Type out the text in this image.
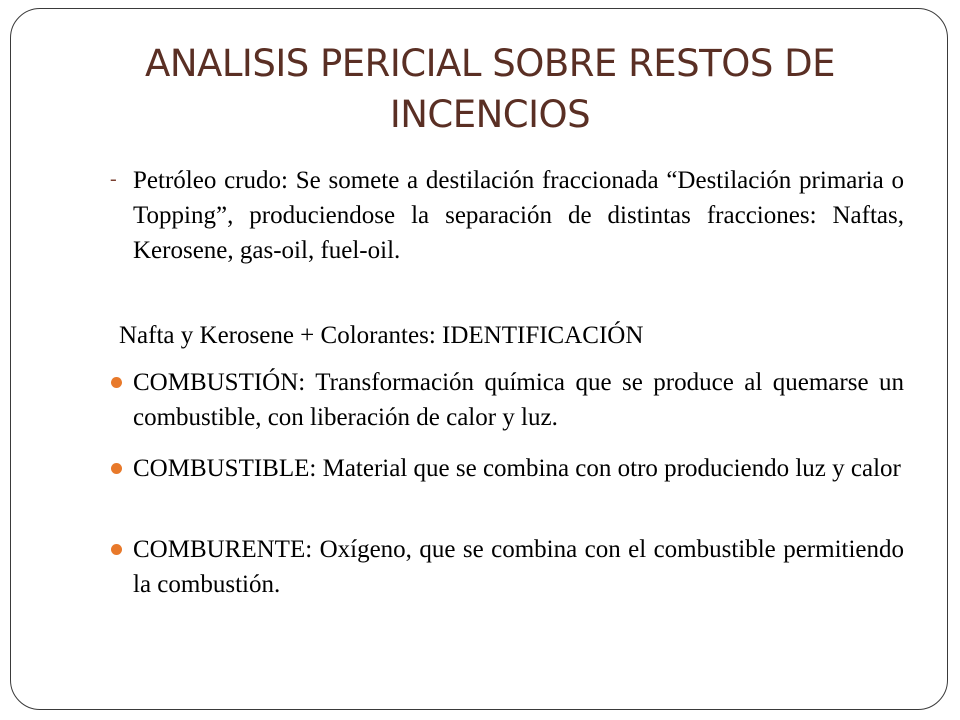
ANALISIS PERICIAL SOBRE RESTOS DE
INCENCIOS
- Petróleo crudo: Se somete a destilación fraccionada “Destilación primaria o Topping”, produciendose la separación de distintas fracciones: Naftas, Kerosene, gas-oil, fuel-oil.

Nafta y Kerosene + Colorantes: IDENTIFICACIÓN

COMBUSTIÓN: Transformación química que se produce al quemarse un combustible, con liberación de calor y luz.

COMBUSTIBLE: Material que se combina con otro produciendo luz y calor

COMBURENTE: Oxígeno, que se combina con el combustible permitiendo la combustión.
